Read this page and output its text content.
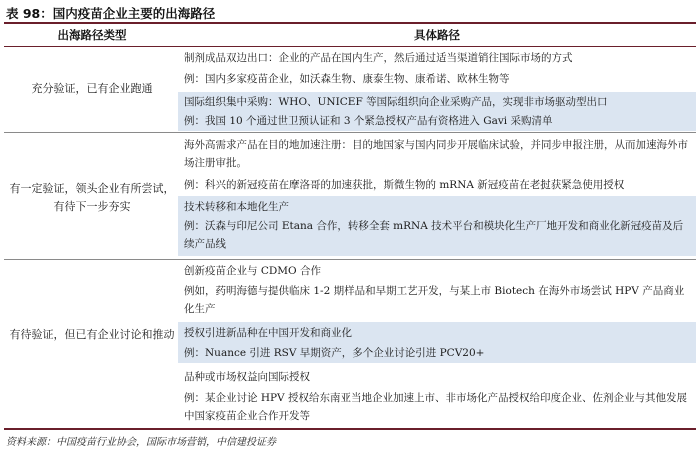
表 98：国内疫苗企业主要的出海路径
出海路径类型	具体路径
充分验证，已有企业跑通
制剂成品双边出口：企业的产品在国内生产，然后通过适当渠道销往国际市场的方式
例：国内多家疫苗企业，如沃森生物、康泰生物、康希诺、欧林生物等
国际组织集中采购：WHO、UNICEF 等国际组织向企业采购产品，实现非市场驱动型出口
例：我国 10 个通过世卫预认证和 3 个紧急授权产品有资格进入 Gavi 采购清单
有一定验证，领头企业有所尝试，有待下一步夯实
海外高需求产品在目的地加速注册：目的地国家与国内同步开展临床试验，并同步申报注册，从而加速海外市场注册审批。
例：科兴的新冠疫苗在摩洛哥的加速获批，斯微生物的 mRNA 新冠疫苗在老挝获紧急使用授权
技术转移和本地化生产
例：沃森与印尼公司 Etana 合作，转移全套 mRNA 技术平台和模块化生产厂地开发和商业化新冠疫苗及后续产品线
有待验证，但已有企业讨论和推动
创新疫苗企业与 CDMO 合作
例如，药明海德与提供临床 1-2 期样品和早期工艺开发，与某上市 Biotech 在海外市场尝试 HPV 产品商业化生产
授权引进新品种在中国开发和商业化
例：Nuance 引进 RSV 早期资产，多个企业讨论引进 PCV20+
品种或市场权益向国际授权
例：某企业讨论 HPV 授权给东南亚当地企业加速上市、非市场化产品授权给印度企业、佐剂企业与其他发展中国家疫苗企业合作开发等
资料来源：中国疫苗行业协会，国际市场营销，中信建投证券
